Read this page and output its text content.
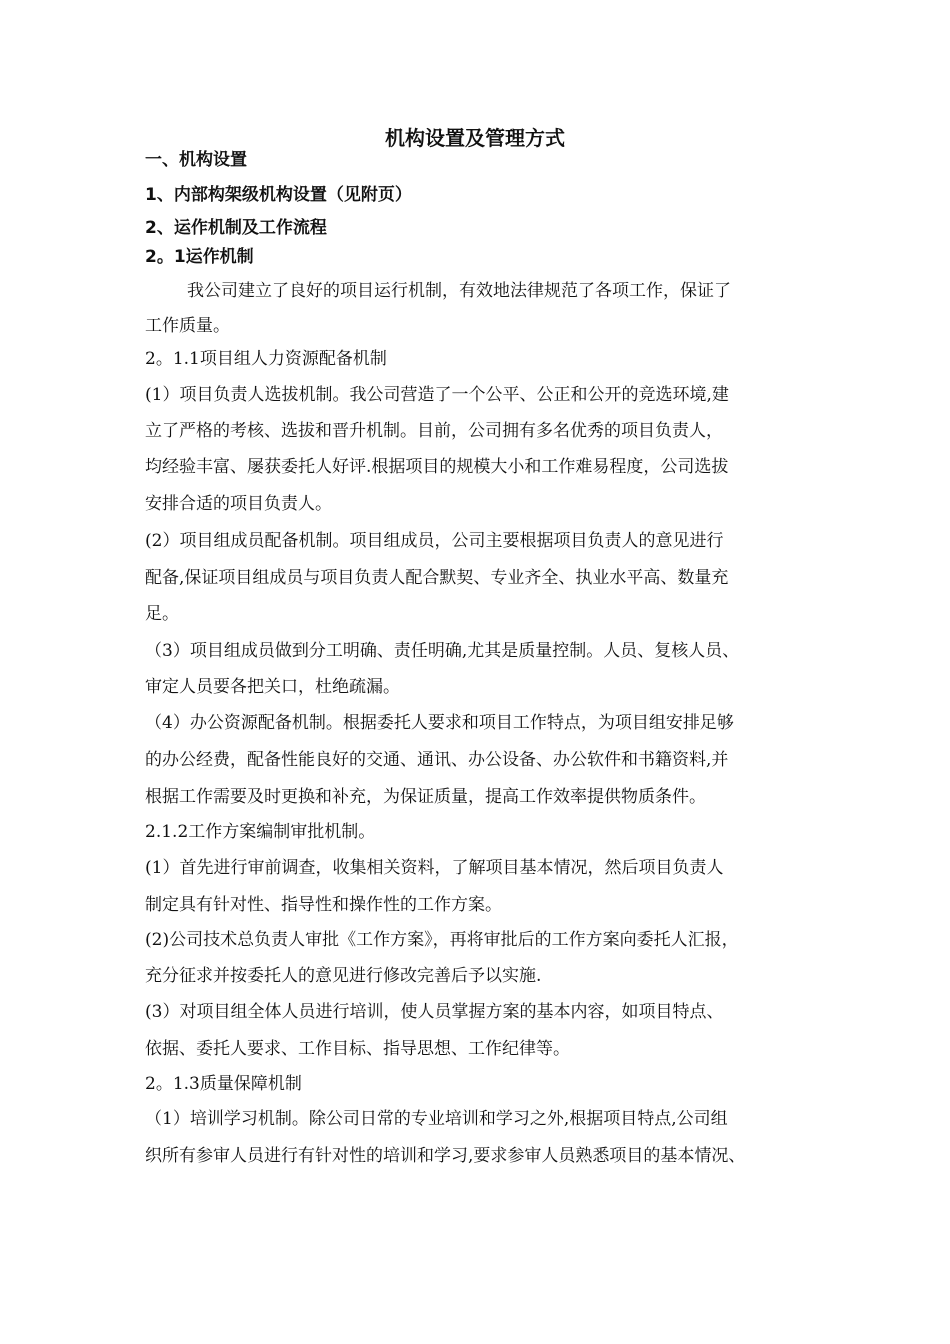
机构设置及管理方式
一、机构设置
1、内部构架级机构设置（见附页）
2、运作机制及工作流程
2。1运作机制
我公司建立了良好的项目运行机制，有效地法律规范了各项工作，保证了
工作质量。
2。1.1项目组人力资源配备机制
(1）项目负责人选拔机制。我公司营造了一个公平、公正和公开的竞选环境,建
立了严格的考核、选拔和晋升机制。目前，公司拥有多名优秀的项目负责人，
均经验丰富、屡获委托人好评.根据项目的规模大小和工作难易程度，公司选拔
安排合适的项目负责人。
(2）项目组成员配备机制。项目组成员，公司主要根据项目负责人的意见进行
配备,保证项目组成员与项目负责人配合默契、专业齐全、执业水平高、数量充
足。
（3）项目组成员做到分工明确、责任明确,尤其是质量控制。人员、复核人员、
审定人员要各把关口，杜绝疏漏。
（4）办公资源配备机制。根据委托人要求和项目工作特点，为项目组安排足够
的办公经费，配备性能良好的交通、通讯、办公设备、办公软件和书籍资料,并
根据工作需要及时更换和补充，为保证质量，提高工作效率提供物质条件。
2.1.2工作方案编制审批机制。
(1）首先进行审前调查，收集相关资料，了解项目基本情况，然后项目负责人
制定具有针对性、指导性和操作性的工作方案。
(2)公司技术总负责人审批《工作方案》，再将审批后的工作方案向委托人汇报，
充分征求并按委托人的意见进行修改完善后予以实施.
(3）对项目组全体人员进行培训，使人员掌握方案的基本内容，如项目特点、
依据、委托人要求、工作目标、指导思想、工作纪律等。
2。1.3质量保障机制
（1）培训学习机制。除公司日常的专业培训和学习之外,根据项目特点,公司组
织所有参审人员进行有针对性的培训和学习,要求参审人员熟悉项目的基本情况、
